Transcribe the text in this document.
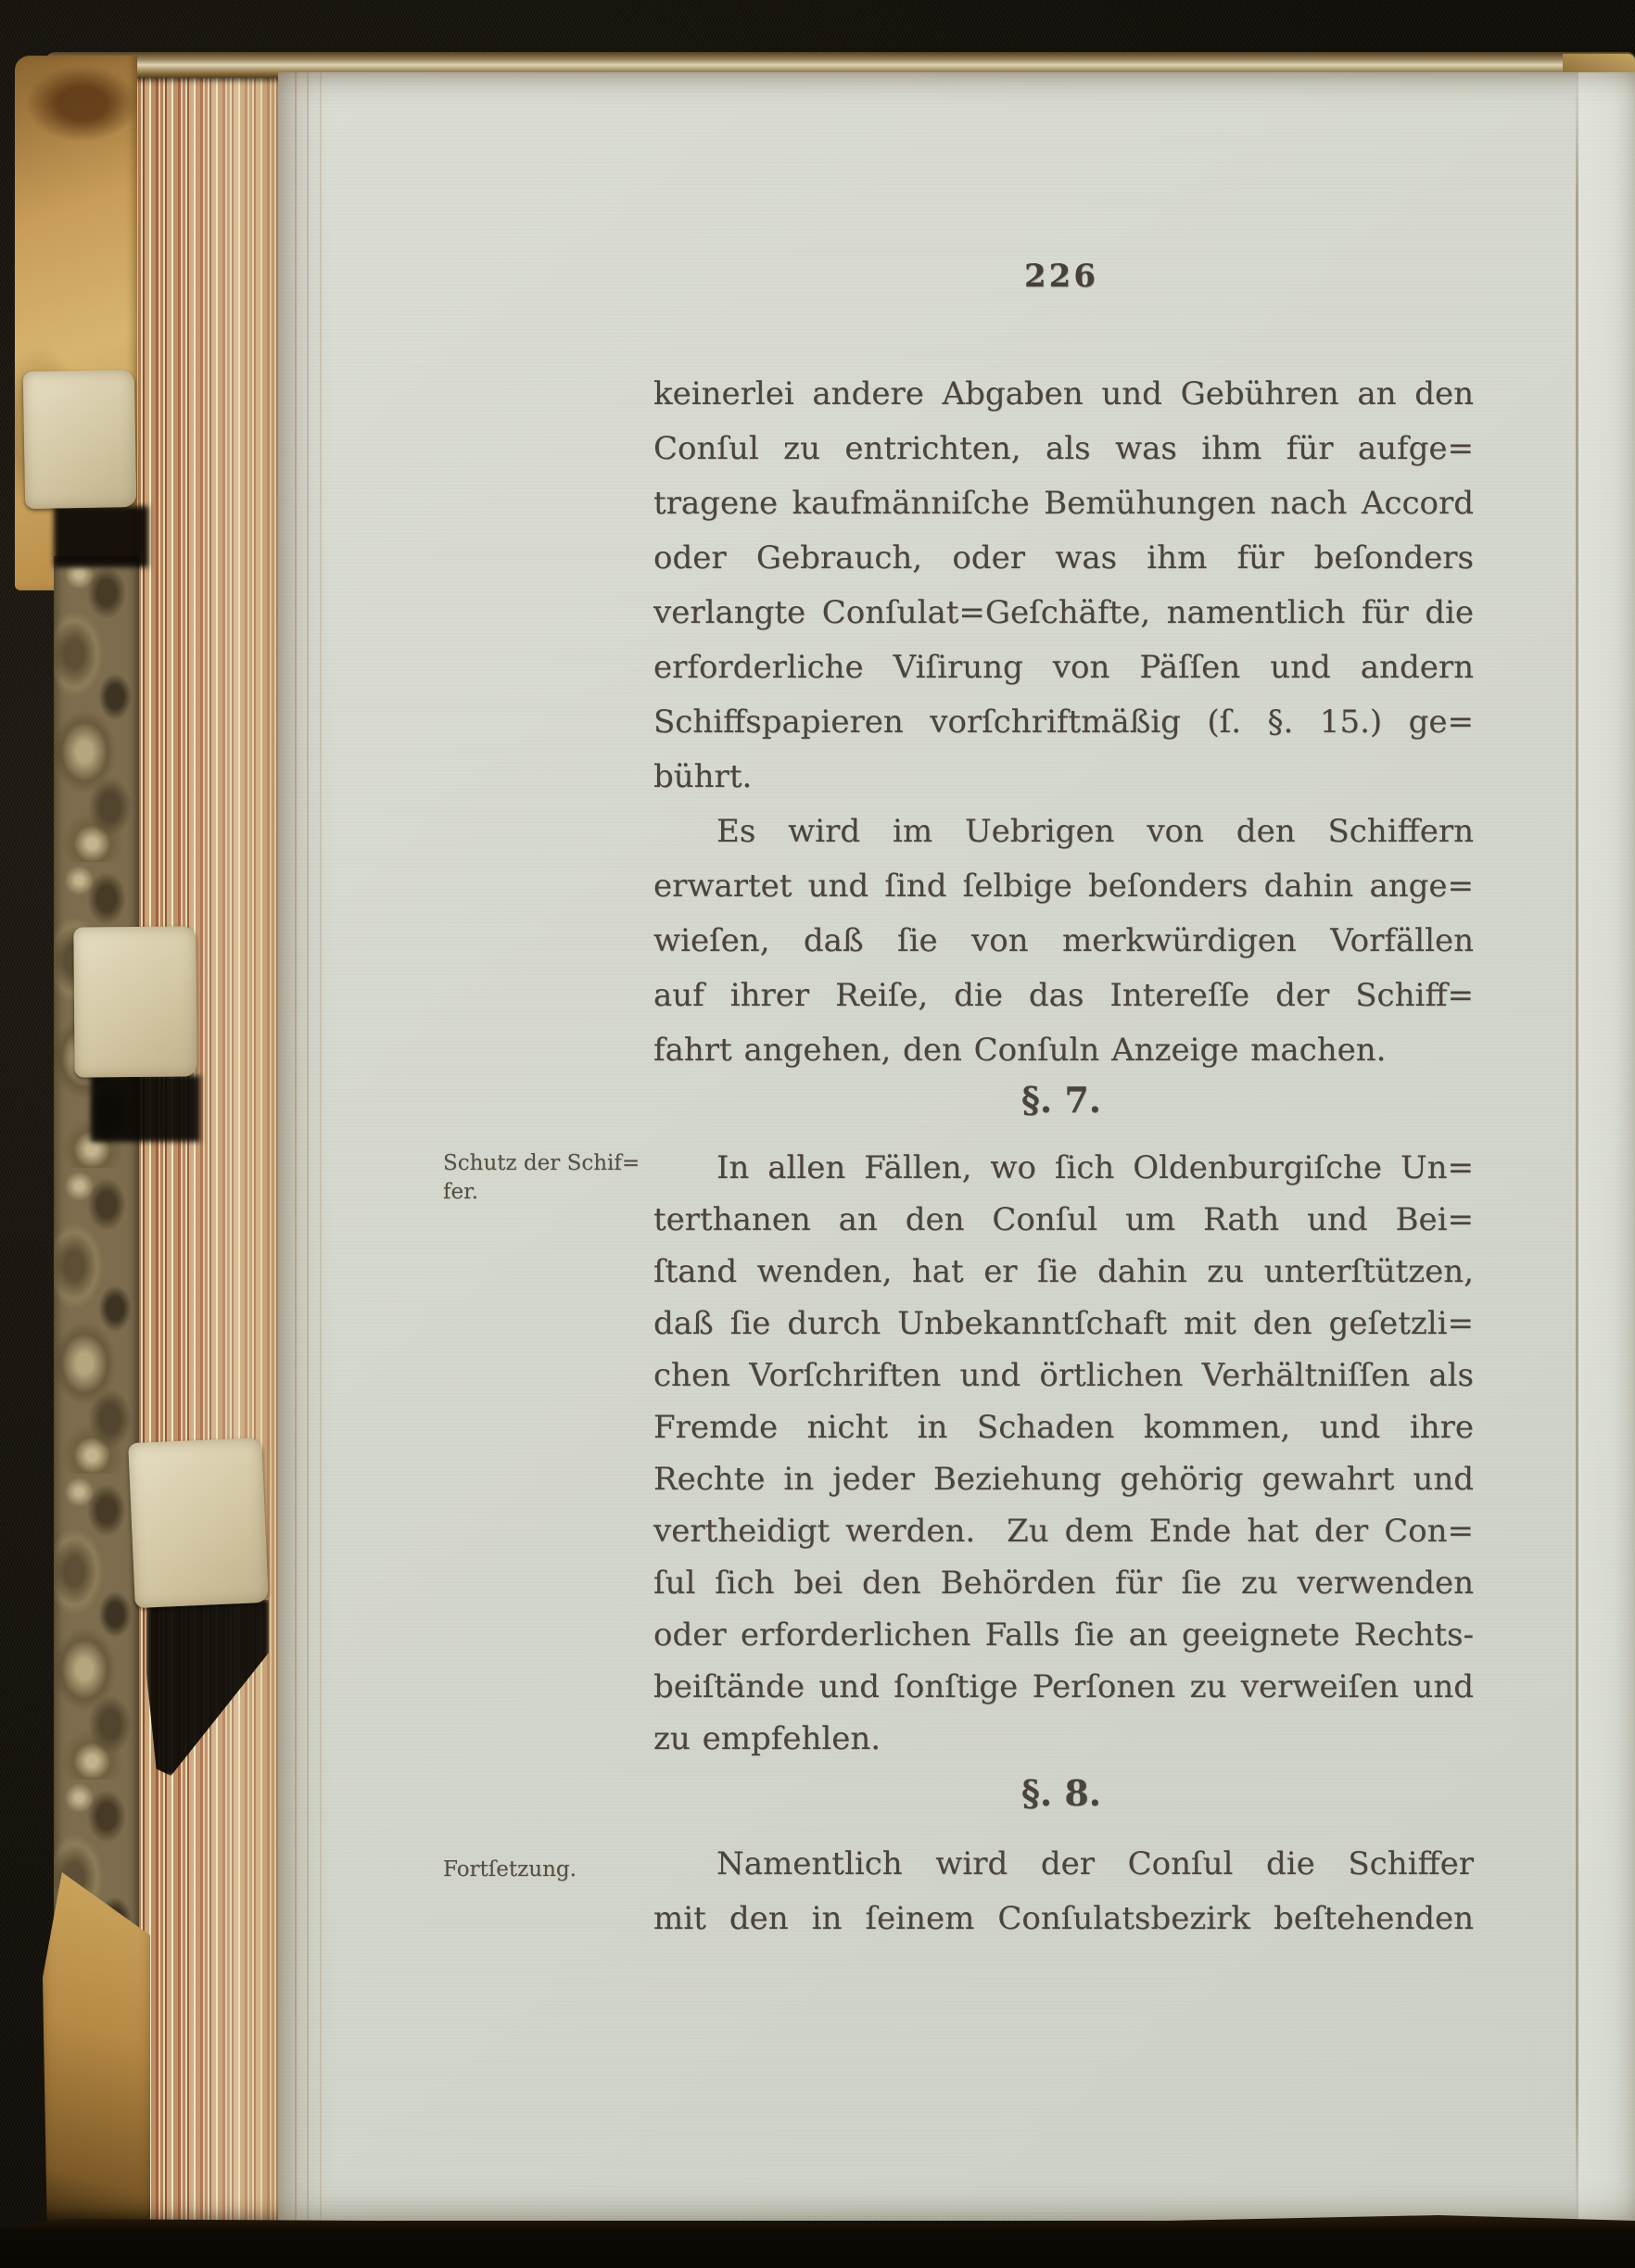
226
keinerlei andere Abgaben und Gebühren an den
Conſul zu entrichten, als was ihm für aufge=
tragene kaufmänniſche Bemühungen nach Accord
oder Gebrauch, oder was ihm für beſonders
verlangte Conſulat=Geſchäfte, namentlich für die
erforderliche Viſirung von Päſſen und andern
Schiffspapieren vorſchriftmäßig (ſ. §. 15.) ge=
bührt.
Es wird im Uebrigen von den Schiffern
erwartet und ſind ſelbige beſonders dahin ange=
wieſen, daß ſie von merkwürdigen Vorfällen
auf ihrer Reiſe, die das Intereſſe der Schiff=
fahrt angehen, den Conſuln Anzeige machen.
§. 7.
Schutz der Schif=
fer.
In allen Fällen, wo ſich Oldenburgiſche Un=
terthanen an den Conſul um Rath und Bei=
ſtand wenden, hat er ſie dahin zu unterſtützen,
daß ſie durch Unbekanntſchaft mit den geſetzli=
chen Vorſchriften und örtlichen Verhältniſſen als
Fremde nicht in Schaden kommen, und ihre
Rechte in jeder Beziehung gehörig gewahrt und
vertheidigt werden.  Zu dem Ende hat der Con=
ſul ſich bei den Behörden für ſie zu verwenden
oder erforderlichen Falls ſie an geeignete Rechts-
beiſtände und ſonſtige Perſonen zu verweiſen und
zu empfehlen.
§. 8.
Fortſetzung.	Namentlich wird der Conſul die Schiffer
mit den in ſeinem Conſulatsbezirk beſtehenden
